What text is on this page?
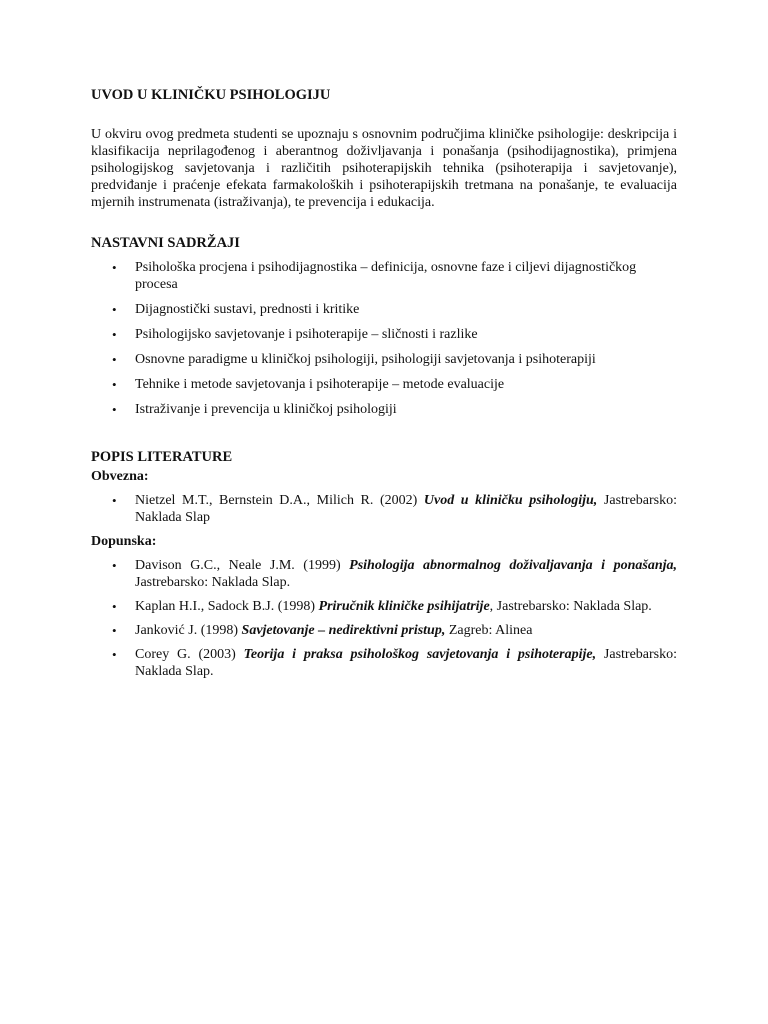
UVOD U KLINIČKU PSIHOLOGIJU

U okviru ovog predmeta studenti se upoznaju s osnovnim područjima kliničke psihologije: deskripcija i klasifikacija neprilagođenog i aberantnog doživljavanja i ponašanja (psihodijagnostika), primjena psihologijskog savjetovanja i različitih psihoterapijskih tehnika (psihoterapija i savjetovanje), predviđanje i praćenje efekata farmakoloških i psihoterapijskih tretmana na ponašanje, te evaluacija mjernih instrumenata (istraživanja), te prevencija i edukacija.

NASTAVNI SADRŽAJI
• Psihološka procjena i psihodijagnostika – definicija, osnovne faze i ciljevi dijagnostičkog procesa
• Dijagnostički sustavi, prednosti i kritike
• Psihologijsko savjetovanje i psihoterapije – sličnosti i razlike
• Osnovne paradigme u kliničkoj psihologiji, psihologiji savjetovanja i psihoterapiji
• Tehnike i metode savjetovanja i psihoterapije – metode evaluacije
• Istraživanje i prevencija u kliničkoj psihologiji
POPIS LITERATURE
Obvezna:
• Nietzel M.T., Bernstein D.A., Milich R. (2002) Uvod u kliničku psihologiju, Jastrebarsko: Naklada Slap
Dopunska:
• Davison G.C., Neale J.M. (1999) Psihologija abnormalnog doživaljavanja i ponašanja, Jastrebarsko: Naklada Slap.
• Kaplan H.I., Sadock B.J. (1998) Priručnik kliničke psihijatrije, Jastrebarsko: Naklada Slap.
• Janković J. (1998) Savjetovanje – nedirektivni pristup, Zagreb: Alinea
• Corey G. (2003) Teorija i praksa psihološkog savjetovanja i psihoterapije, Jastrebarsko: Naklada Slap.
